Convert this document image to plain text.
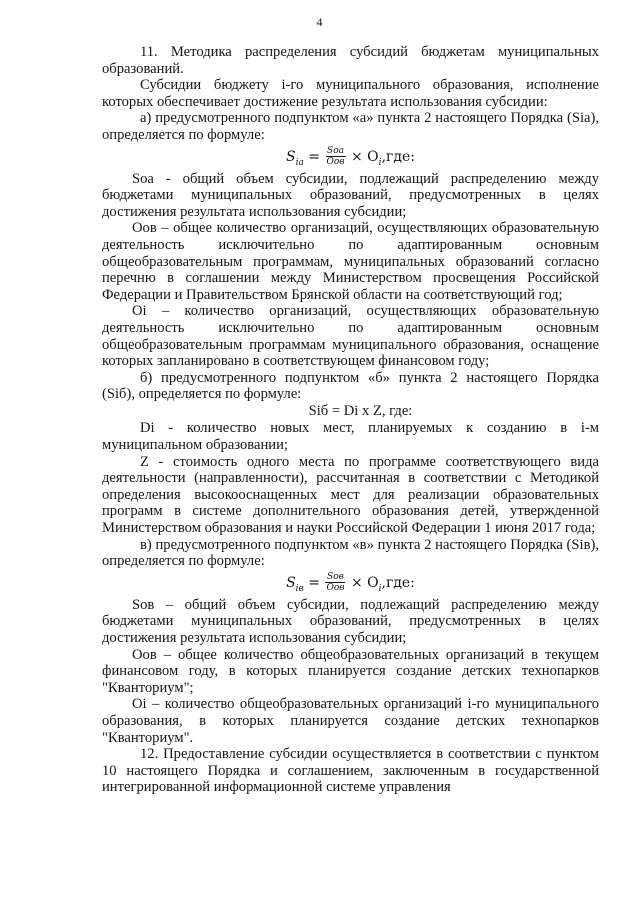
4

11. Методика распределения субсидий бюджетам муниципальных образований.

Субсидии бюджету i-го муниципального образования, исполнение которых обеспечивает достижение результата использования субсидии:

а) предусмотренного подпунктом «а» пункта 2 настоящего Порядка (Sia), определяется по формуле:

$S_{ia} = \frac{\text{Sоа}}{\text{Оов}} \times O_i,где$:

Sоа - общий объем субсидии, подлежащий распределению между бюджетами муниципальных образований, предусмотренных в целях достижения результата использования субсидии;

Оов – общее количество организаций, осуществляющих образовательную деятельность исключительно по адаптированным основным общеобразовательным программам, муниципальных образований согласно перечню в соглашении между Министерством просвещения Российской Федерации и Правительством Брянской области на соответствующий год;

Oi – количество организаций, осуществляющих образовательную деятельность исключительно по адаптированным основным общеобразовательным программам муниципального образования, оснащение которых запланировано в соответствующем финансовом году;

б) предусмотренного подпунктом «б» пункта 2 настоящего Порядка (Siб), определяется по формуле:

Siб = Di x Z, где:

Di - количество новых мест, планируемых к созданию в i-м муниципальном образовании;

Z - стоимость одного места по программе соответствующего вида деятельности (направленности), рассчитанная в соответствии с Методикой определения высокооснащенных мест для реализации образовательных программ в системе дополнительного образования детей, утвержденной Министерством образования и науки Российской Федерации 1 июня 2017 года;

в) предусмотренного подпунктом «в» пункта 2 настоящего Порядка (Siв), определяется по формуле:

$S_{iв} = \frac{\text{Sов}}{\text{Оов}} \times O_i,где$:

Sов – общий объем субсидии, подлежащий распределению между бюджетами муниципальных образований, предусмотренных в целях достижения результата использования субсидии;

Оов – общее количество общеобразовательных организаций в текущем финансовом году, в которых планируется создание детских технопарков "Кванториум";

Oi – количество общеобразовательных организаций i-го муниципального образования, в которых планируется создание детских технопарков "Кванториум".

12. Предоставление субсидии осуществляется в соответствии с пунктом 10 настоящего Порядка и соглашением, заключенным в государственной интегрированной информационной системе управления
